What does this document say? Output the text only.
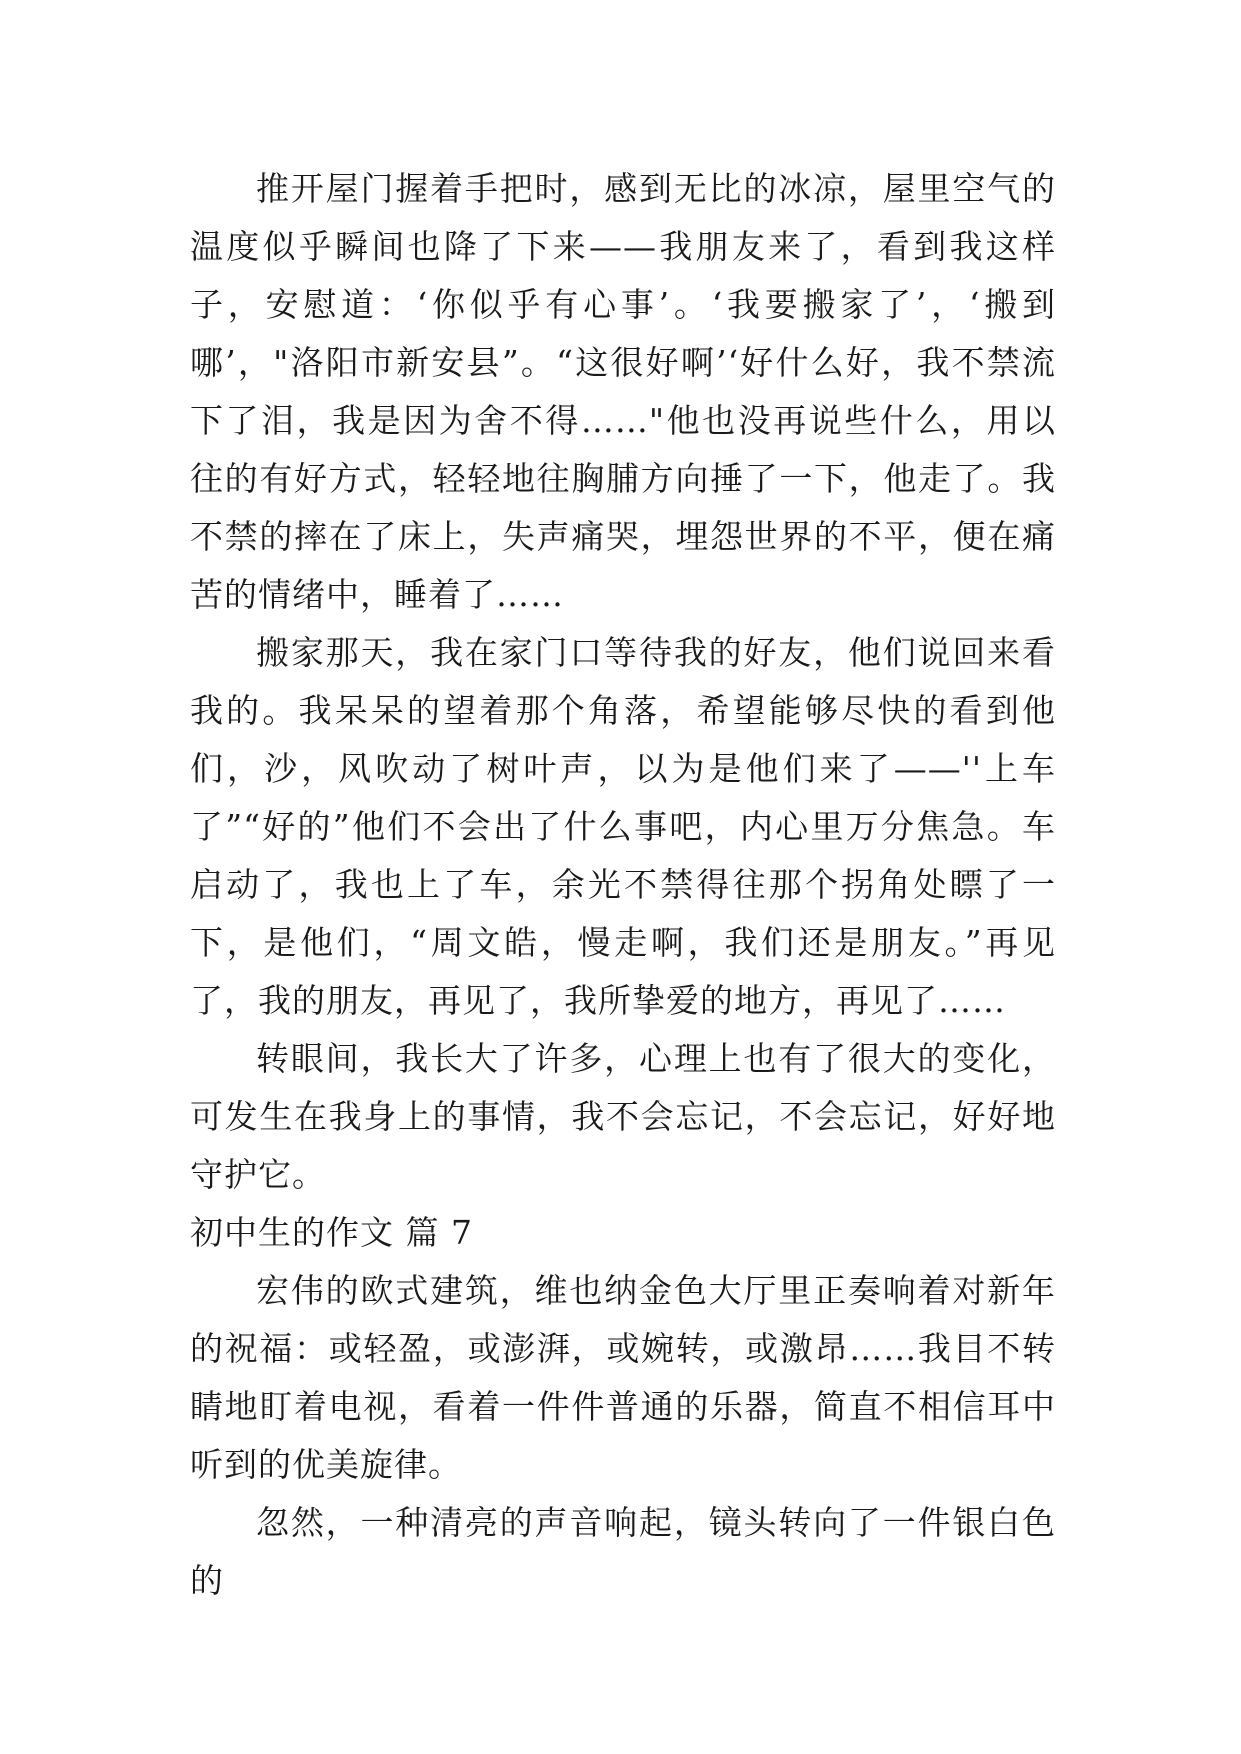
推开屋门握着手把时，感到无比的冰凉，屋里空气的温度似乎瞬间也降了下来——我朋友来了，看到我这样子，安慰道：‘你似乎有心事’。‘我要搬家了’，‘搬到哪’，"洛阳市新安县”。“这很好啊’‘好什么好，我不禁流下了泪，我是因为舍不得……"他也没再说些什么，用以往的有好方式，轻轻地往胸脯方向捶了一下，他走了。我不禁的摔在了床上，失声痛哭，埋怨世界的不平，便在痛苦的情绪中，睡着了……

搬家那天，我在家门口等待我的好友，他们说回来看我的。我呆呆的望着那个角落，希望能够尽快的看到他们，沙，风吹动了树叶声，以为是他们来了——''上车了”“好的”他们不会出了什么事吧，内心里万分焦急。车启动了，我也上了车，余光不禁得往那个拐角处瞟了一下，是他们，“周文皓，慢走啊，我们还是朋友。”再见了，我的朋友，再见了，我所挚爱的地方，再见了……

转眼间，我长大了许多，心理上也有了很大的变化，可发生在我身上的事情，我不会忘记，不会忘记，好好地守护它。

初中生的作文 篇 7

宏伟的欧式建筑，维也纳金色大厅里正奏响着对新年的祝福：或轻盈，或澎湃，或婉转，或激昂……我目不转睛地盯着电视，看着一件件普通的乐器，简直不相信耳中听到的优美旋律。

忽然，一种清亮的声音响起，镜头转向了一件银白色的
